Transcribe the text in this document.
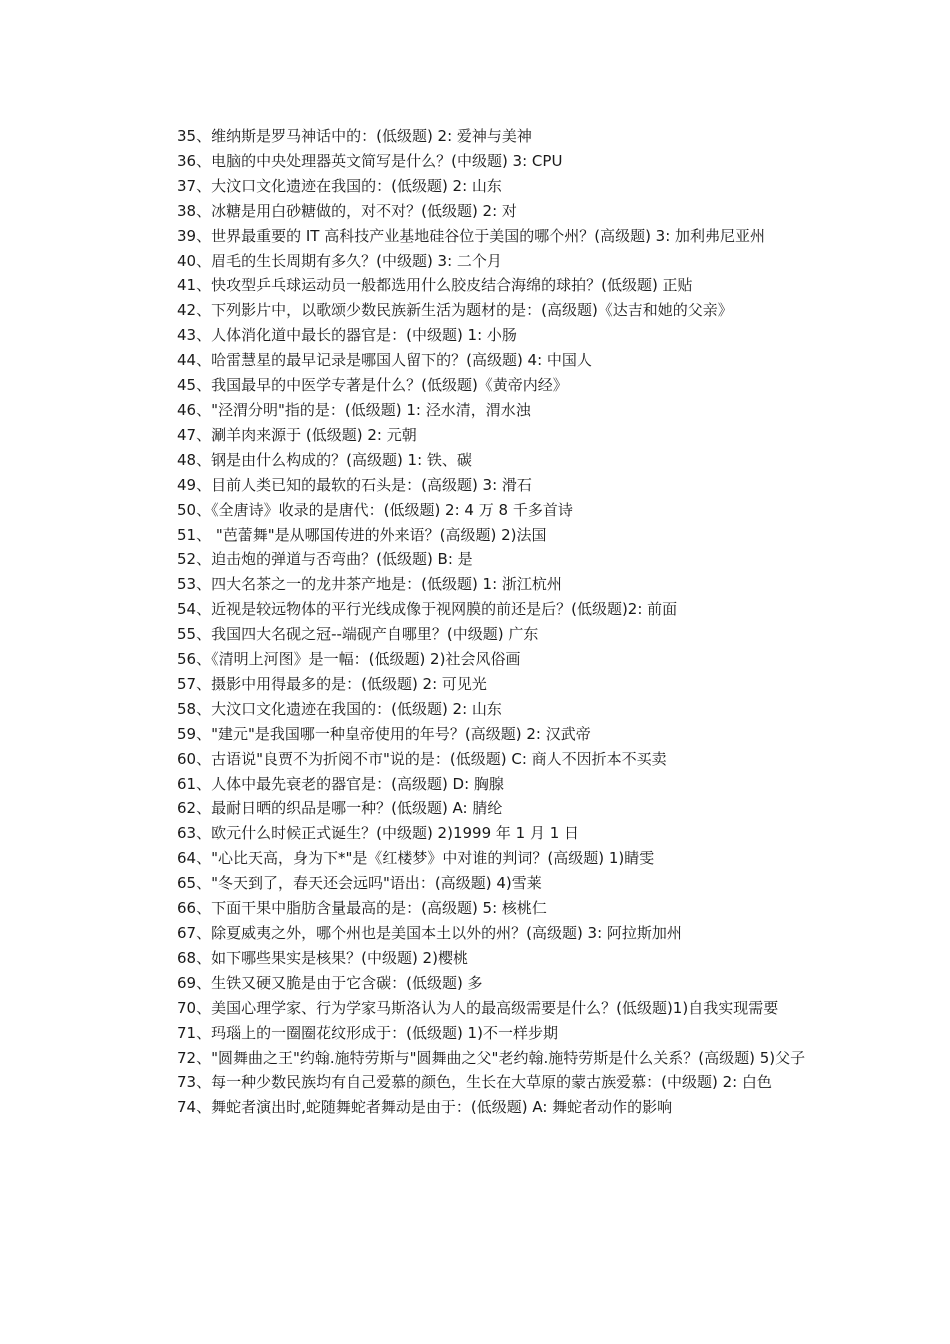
35、维纳斯是罗马神话中的：(低级题) 2: 爱神与美神

36、电脑的中央处理器英文简写是什么？(中级题) 3: CPU

37、大汶口文化遗迹在我国的：(低级题) 2: 山东

38、冰糖是用白砂糖做的，对不对？(低级题) 2: 对

39、世界最重要的 IT 高科技产业基地硅谷位于美国的哪个州？(高级题) 3: 加利弗尼亚州

40、眉毛的生长周期有多久？(中级题) 3: 二个月

41、快攻型乒乓球运动员一般都选用什么胶皮结合海绵的球拍？(低级题) 正贴

42、下列影片中，以歌颂少数民族新生活为题材的是：(高级题)《达吉和她的父亲》

43、人体消化道中最长的器官是：(中级题) 1: 小肠

44、哈雷慧星的最早记录是哪国人留下的？(高级题) 4: 中国人

45、我国最早的中医学专著是什么？(低级题)《黄帝内经》

46、"泾渭分明"指的是：(低级题) 1: 泾水清，渭水浊

47、涮羊肉来源于 (低级题) 2: 元朝

48、钢是由什么构成的？(高级题) 1: 铁、碳

49、目前人类已知的最软的石头是：(高级题) 3: 滑石

50、《全唐诗》收录的是唐代：(低级题) 2: 4 万 8 千多首诗

51、 "芭蕾舞"是从哪国传进的外来语？(高级题) 2)法国

52、迫击炮的弹道与否弯曲？(低级题) B: 是

53、四大名茶之一的龙井茶产地是：(低级题) 1: 浙江杭州

54、近视是较远物体的平行光线成像于视网膜的前还是后？(低级题)2: 前面

55、我国四大名砚之冠--端砚产自哪里？(中级题) 广东

56、《清明上河图》是一幅：(低级题) 2)社会风俗画

57、摄影中用得最多的是：(低级题) 2: 可见光

58、大汶口文化遗迹在我国的：(低级题) 2: 山东

59、"建元"是我国哪一种皇帝使用的年号？(高级题) 2: 汉武帝

60、古语说"良贾不为折阅不市"说的是：(低级题) C: 商人不因折本不买卖

61、人体中最先衰老的器官是：(高级题) D: 胸腺

62、最耐日晒的织品是哪一种？(低级题) A: 腈纶

63、欧元什么时候正式诞生？(中级题) 2)1999 年 1 月 1 日

64、"心比天高，身为下*"是《红楼梦》中对谁的判词？(高级题) 1)睛雯

65、"冬天到了，春天还会远吗"语出：(高级题) 4)雪莱

66、下面干果中脂肪含量最高的是：(高级题) 5: 核桃仁

67、除夏威夷之外，哪个州也是美国本土以外的州？(高级题) 3: 阿拉斯加州

68、如下哪些果实是核果？(中级题) 2)樱桃

69、生铁又硬又脆是由于它含碳：(低级题) 多

70、美国心理学家、行为学家马斯洛认为人的最高级需要是什么？(低级题)1)自我实现需要

71、玛瑙上的一圈圈花纹形成于：(低级题) 1)不一样步期

72、"圆舞曲之王"约翰.施特劳斯与"圆舞曲之父"老约翰.施特劳斯是什么关系？(高级题) 5)父子

73、每一种少数民族均有自己爱慕的颜色，生长在大草原的蒙古族爱慕：(中级题) 2: 白色

74、舞蛇者演出时,蛇随舞蛇者舞动是由于：(低级题) A: 舞蛇者动作的影响
